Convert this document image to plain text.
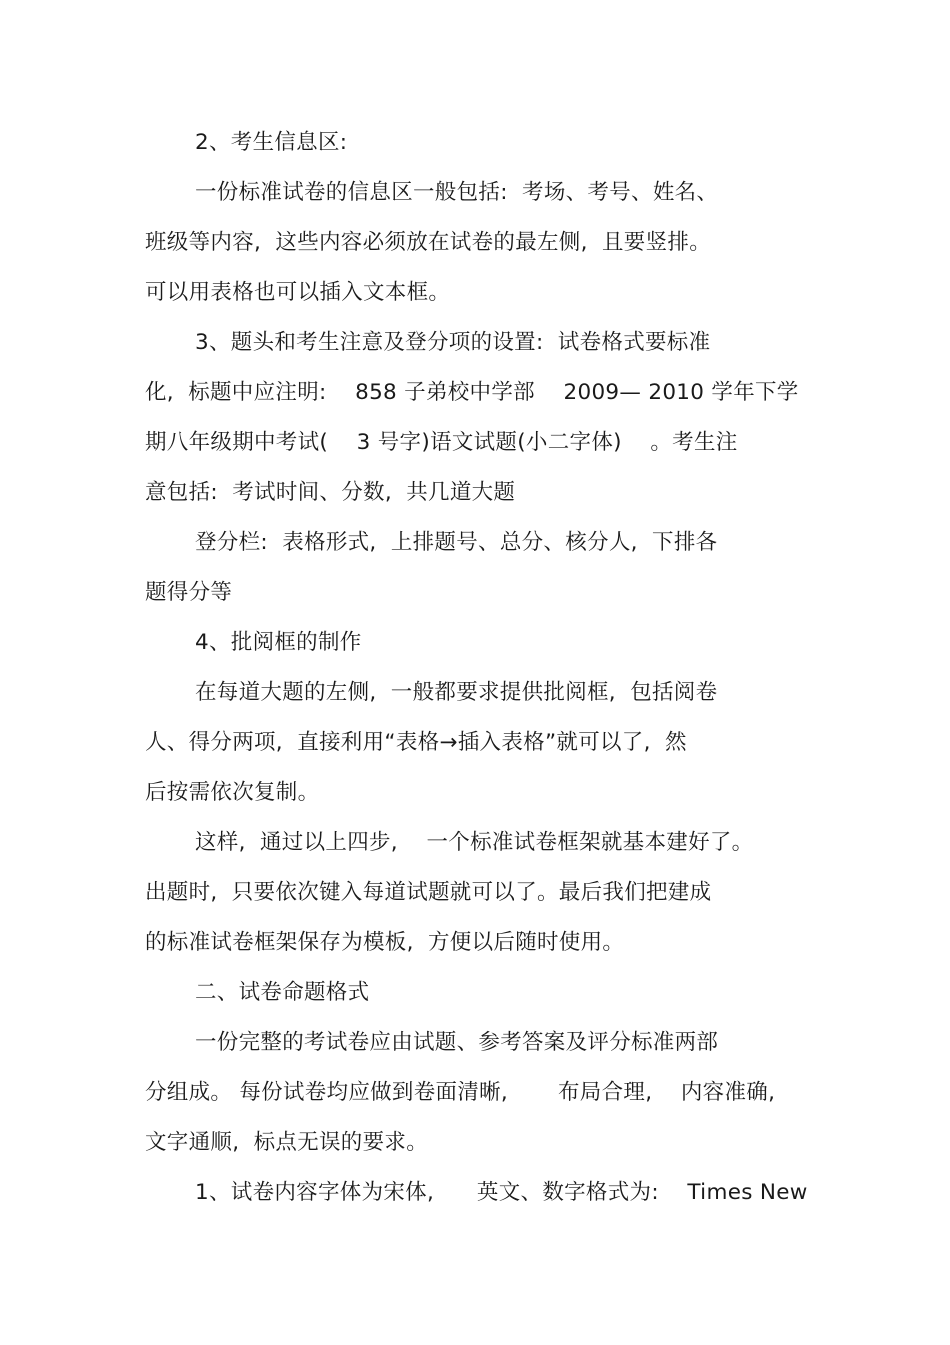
2、考生信息区:

一份标准试卷的信息区一般包括:  考场、考号、姓名、

班级等内容,  这些内容必须放在试卷的最左侧,  且要竖排。

可以用表格也可以插入文本框。

3、题头和考生注意及登分项的设置:  试卷格式要标准

化,  标题中应注明:    858 子弟校中学部    2009— 2010 学年下学

期八年级期中考试(    3 号字)语文试题(小二字体)    。考生注

意包括:  考试时间、分数,  共几道大题

登分栏:  表格形式,  上排题号、总分、核分人,  下排各

题得分等

4、批阅框的制作

在每道大题的左侧,  一般都要求提供批阅框,  包括阅卷

人、得分两项,  直接利用“表格→插入表格”就可以了,  然

后按需依次复制。

这样,  通过以上四步,    一个标准试卷框架就基本建好了。

出题时,  只要依次键入每道试题就可以了。最后我们把建成

的标准试卷框架保存为模板,  方便以后随时使用。

二、试卷命题格式

一份完整的考试卷应由试题、参考答案及评分标准两部

分组成。 每份试卷均应做到卷面清晰,       布局合理,    内容准确,

文字通顺,  标点无误的要求。

1、试卷内容字体为宋体,      英文、数字格式为:    Times New
